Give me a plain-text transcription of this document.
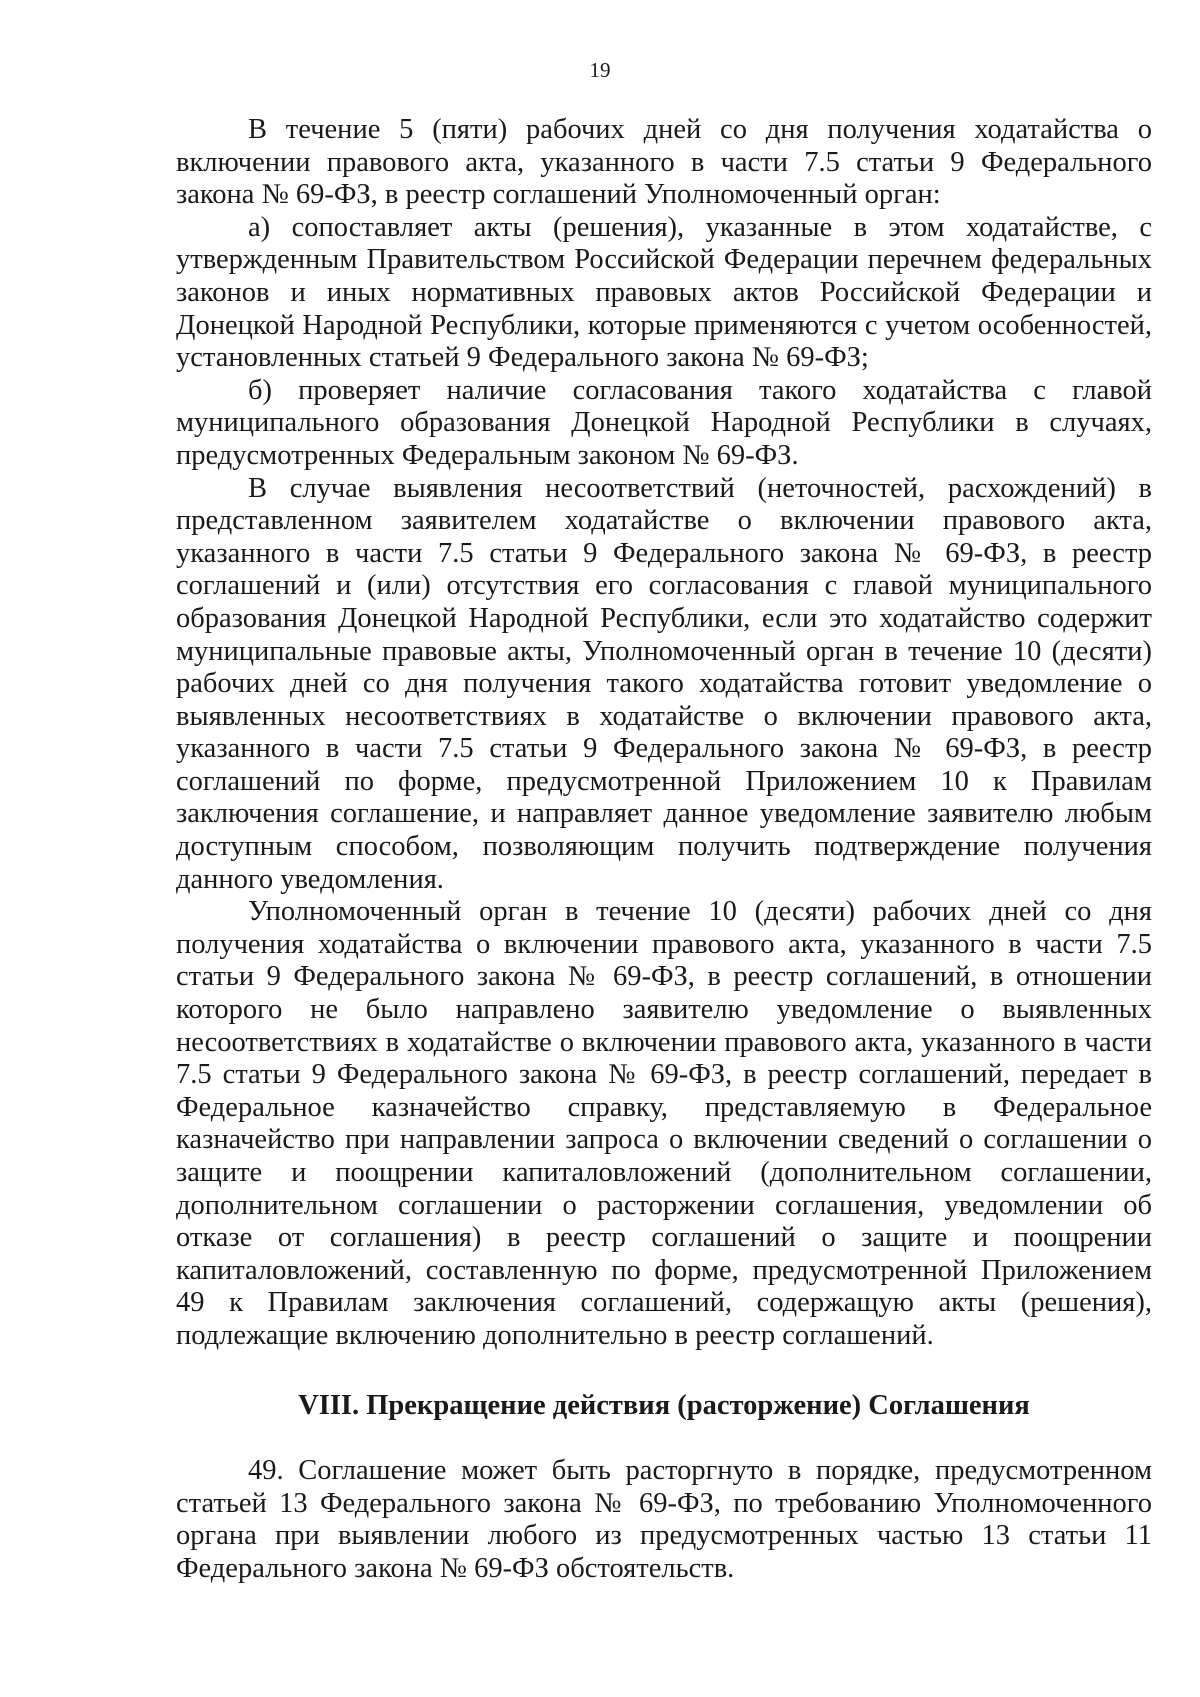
19

В течение 5 (пяти) рабочих дней со дня получения ходатайства о включении правового акта, указанного в части 7.5 статьи 9 Федерального закона № 69-ФЗ, в реестр соглашений Уполномоченный орган:

а) сопоставляет акты (решения), указанные в этом ходатайстве, с утвержденным Правительством Российской Федерации перечнем федеральных законов и иных нормативных правовых актов Российской Федерации и Донецкой Народной Республики, которые применяются с учетом особенностей, установленных статьей 9 Федерального закона № 69-ФЗ;

б) проверяет наличие согласования такого ходатайства с главой муниципального образования Донецкой Народной Республики в случаях, предусмотренных Федеральным законом № 69-ФЗ.

В случае выявления несоответствий (неточностей, расхождений) в представленном заявителем ходатайстве о включении правового акта, указанного в части 7.5 статьи 9 Федерального закона № 69-ФЗ, в реестр соглашений и (или) отсутствия его согласования с главой муниципального образования Донецкой Народной Республики, если это ходатайство содержит муниципальные правовые акты, Уполномоченный орган в течение 10 (десяти) рабочих дней со дня получения такого ходатайства готовит уведомление о выявленных несоответствиях в ходатайстве о включении правового акта, указанного в части 7.5 статьи 9 Федерального закона № 69-ФЗ, в реестр соглашений по форме, предусмотренной Приложением 10 к Правилам заключения соглашение, и направляет данное уведомление заявителю любым доступным способом, позволяющим получить подтверждение получения данного уведомления.

Уполномоченный орган в течение 10 (десяти) рабочих дней со дня получения ходатайства о включении правового акта, указанного в части 7.5 статьи 9 Федерального закона № 69-ФЗ, в реестр соглашений, в отношении которого не было направлено заявителю уведомление о выявленных несоответствиях в ходатайстве о включении правового акта, указанного в части 7.5 статьи 9 Федерального закона № 69-ФЗ, в реестр соглашений, передает в Федеральное казначейство справку, представляемую в Федеральное казначейство при направлении запроса о включении сведений о соглашении о защите и поощрении капиталовложений (дополнительном соглашении, дополнительном соглашении о расторжении соглашения, уведомлении об отказе от соглашения) в реестр соглашений о защите и поощрении капиталовложений, составленную по форме, предусмотренной Приложением 49 к Правилам заключения соглашений, содержащую акты (решения), подлежащие включению дополнительно в реестр соглашений.

VIII. Прекращение действия (расторжение) Соглашения

49. Соглашение может быть расторгнуто в порядке, предусмотренном статьей 13 Федерального закона № 69-ФЗ, по требованию Уполномоченного органа при выявлении любого из предусмотренных частью 13 статьи 11 Федерального закона № 69-ФЗ обстоятельств.
